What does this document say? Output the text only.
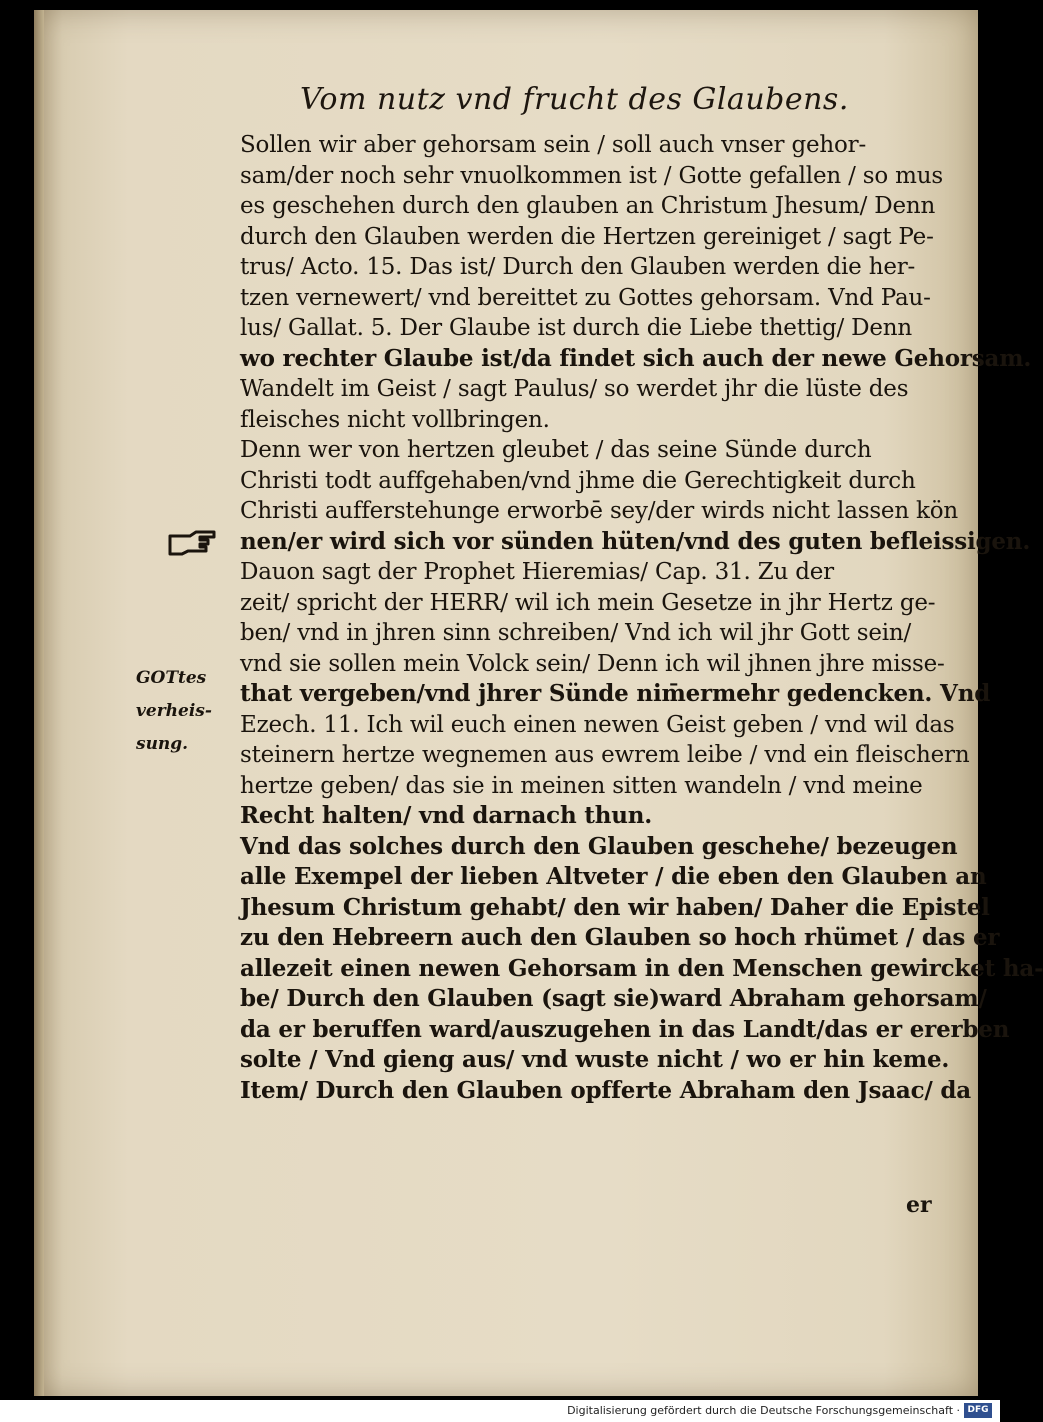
Vom nutz vnd frucht des Glaubens.
Sollen wir aber gehorsam sein / soll auch vnser gehor-
sam/der noch sehr vnuolkommen ist / Gotte gefallen / so mus
es geschehen durch den glauben an Christum Jhesum/ Denn
durch den Glauben werden die Hertzen gereiniget / sagt Pe-
trus/ Acto. 15. Das ist/ Durch den Glauben werden die her-
tzen vernewert/ vnd bereittet zu Gottes gehorsam. Vnd Pau-
lus/ Gallat. 5. Der Glaube ist durch die Liebe thettig/ Denn
wo rechter Glaube ist/da findet sich auch der newe Gehorsam.
Wandelt im Geist / sagt Paulus/ so werdet jhr die lüste des
fleisches nicht vollbringen.
Denn wer von hertzen gleubet / das seine Sünde durch
Christi todt auffgehaben/vnd jhme die Gerechtigkeit durch
Christi aufferstehunge erworbē sey/der wirds nicht lassen kön
nen/er wird sich vor sünden hüten/vnd des guten befleissigen.
Dauon sagt der Prophet Hieremias/ Cap. 31. Zu der
zeit/ spricht der HERR/ wil ich mein Gesetze in jhr Hertz ge-
ben/ vnd in jhren sinn schreiben/ Vnd ich wil jhr Gott sein/
vnd sie sollen mein Volck sein/ Denn ich wil jhnen jhre misse-
that vergeben/vnd jhrer Sünde nim̄ermehr gedencken. Vnd
Ezech. 11. Ich wil euch einen newen Geist geben / vnd wil das
steinern hertze wegnemen aus ewrem leibe / vnd ein fleischern
hertze geben/ das sie in meinen sitten wandeln / vnd meine
Recht halten/ vnd darnach thun.
Vnd das solches durch den Glauben geschehe/ bezeugen
alle Exempel der lieben Altveter / die eben den Glauben an
Jhesum Christum gehabt/ den wir haben/ Daher die Epistel
zu den Hebreern auch den Glauben so hoch rhümet / das er
allezeit einen newen Gehorsam in den Menschen gewircket ha-
be/ Durch den Glauben (sagt sie)ward Abraham gehorsam/
da er beruffen ward/auszugehen in das Landt/das er ererben
solte / Vnd gieng aus/ vnd wuste nicht / wo er hin keme.
Item/ Durch den Glauben opfferte Abraham den Jsaac/ da
GOTtes
verheis-
sung.
er
Digitalisierung gefördert durch die Deutsche Forschungsgemeinschaft · DFG
